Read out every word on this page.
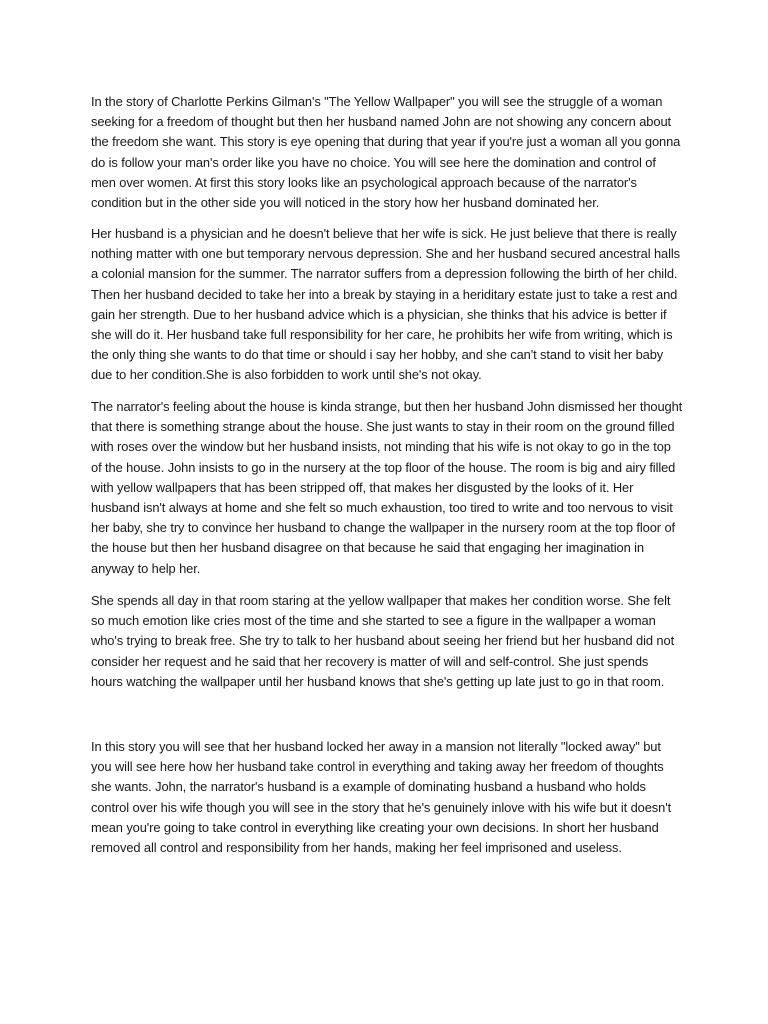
In the story of Charlotte Perkins Gilman's "The Yellow Wallpaper" you will see the struggle of a woman seeking for a freedom of thought but then her husband named John are not showing any concern about the freedom she want. This story is eye opening that during that year if you're just a woman all you gonna do is follow your man's order like you have no choice. You will see here the domination and control of men over women. At first this story looks like an psychological approach because of the narrator's condition but in the other side you will noticed in the story how her husband dominated her.

Her husband is a physician and he doesn't believe that her wife is sick. He just believe that there is really nothing matter with one but temporary nervous depression. She and her husband secured ancestral halls a colonial mansion for the summer. The narrator suffers from a depression following the birth of her child. Then her husband decided to take her into a break by staying in a heriditary estate just to take a rest and gain her strength. Due to her husband advice which is a physician, she thinks that his advice is better if she will do it. Her husband take full responsibility for her care, he prohibits her wife from writing, which is the only thing she wants to do that time or should i say her hobby, and she can't stand to visit her baby due to her condition.She is also forbidden to work until she's not okay.

The narrator's feeling about the house is kinda strange, but then her husband John dismissed her thought that there is something strange about the house. She just wants to stay in their room on the ground filled with roses over the window but her husband insists, not minding that his wife is not okay to go in the top of the house. John insists to go in the nursery at the top floor of the house. The room is big and airy filled with yellow wallpapers that has been stripped off, that makes her disgusted by the looks of it. Her husband isn't always at home and she felt so much exhaustion, too tired to write and too nervous to visit her baby, she try to convince her husband to change the wallpaper in the nursery room at the top floor of the house but then her husband disagree on that because he said that engaging her imagination in anyway to help her.

She spends all day in that room staring at the yellow wallpaper that makes her condition worse. She felt so much emotion like cries most of the time and she started to see a figure in the wallpaper a woman who's trying to break free. She try to talk to her husband about seeing her friend but her husband did not consider her request and he said that her recovery is matter of will and self-control. She just spends hours watching the wallpaper until her husband knows that she's getting up late just to go in that room.

In this story you will see that her husband locked her away in a mansion not literally "locked away" but you will see here how her husband take control in everything and taking away her freedom of thoughts she wants. John, the narrator's husband is a example of dominating husband a husband who holds control over his wife though you will see in the story that he's genuinely inlove with his wife but it doesn't mean you're going to take control in everything like creating your own decisions. In short her husband removed all control and responsibility from her hands, making her feel imprisoned and useless.
